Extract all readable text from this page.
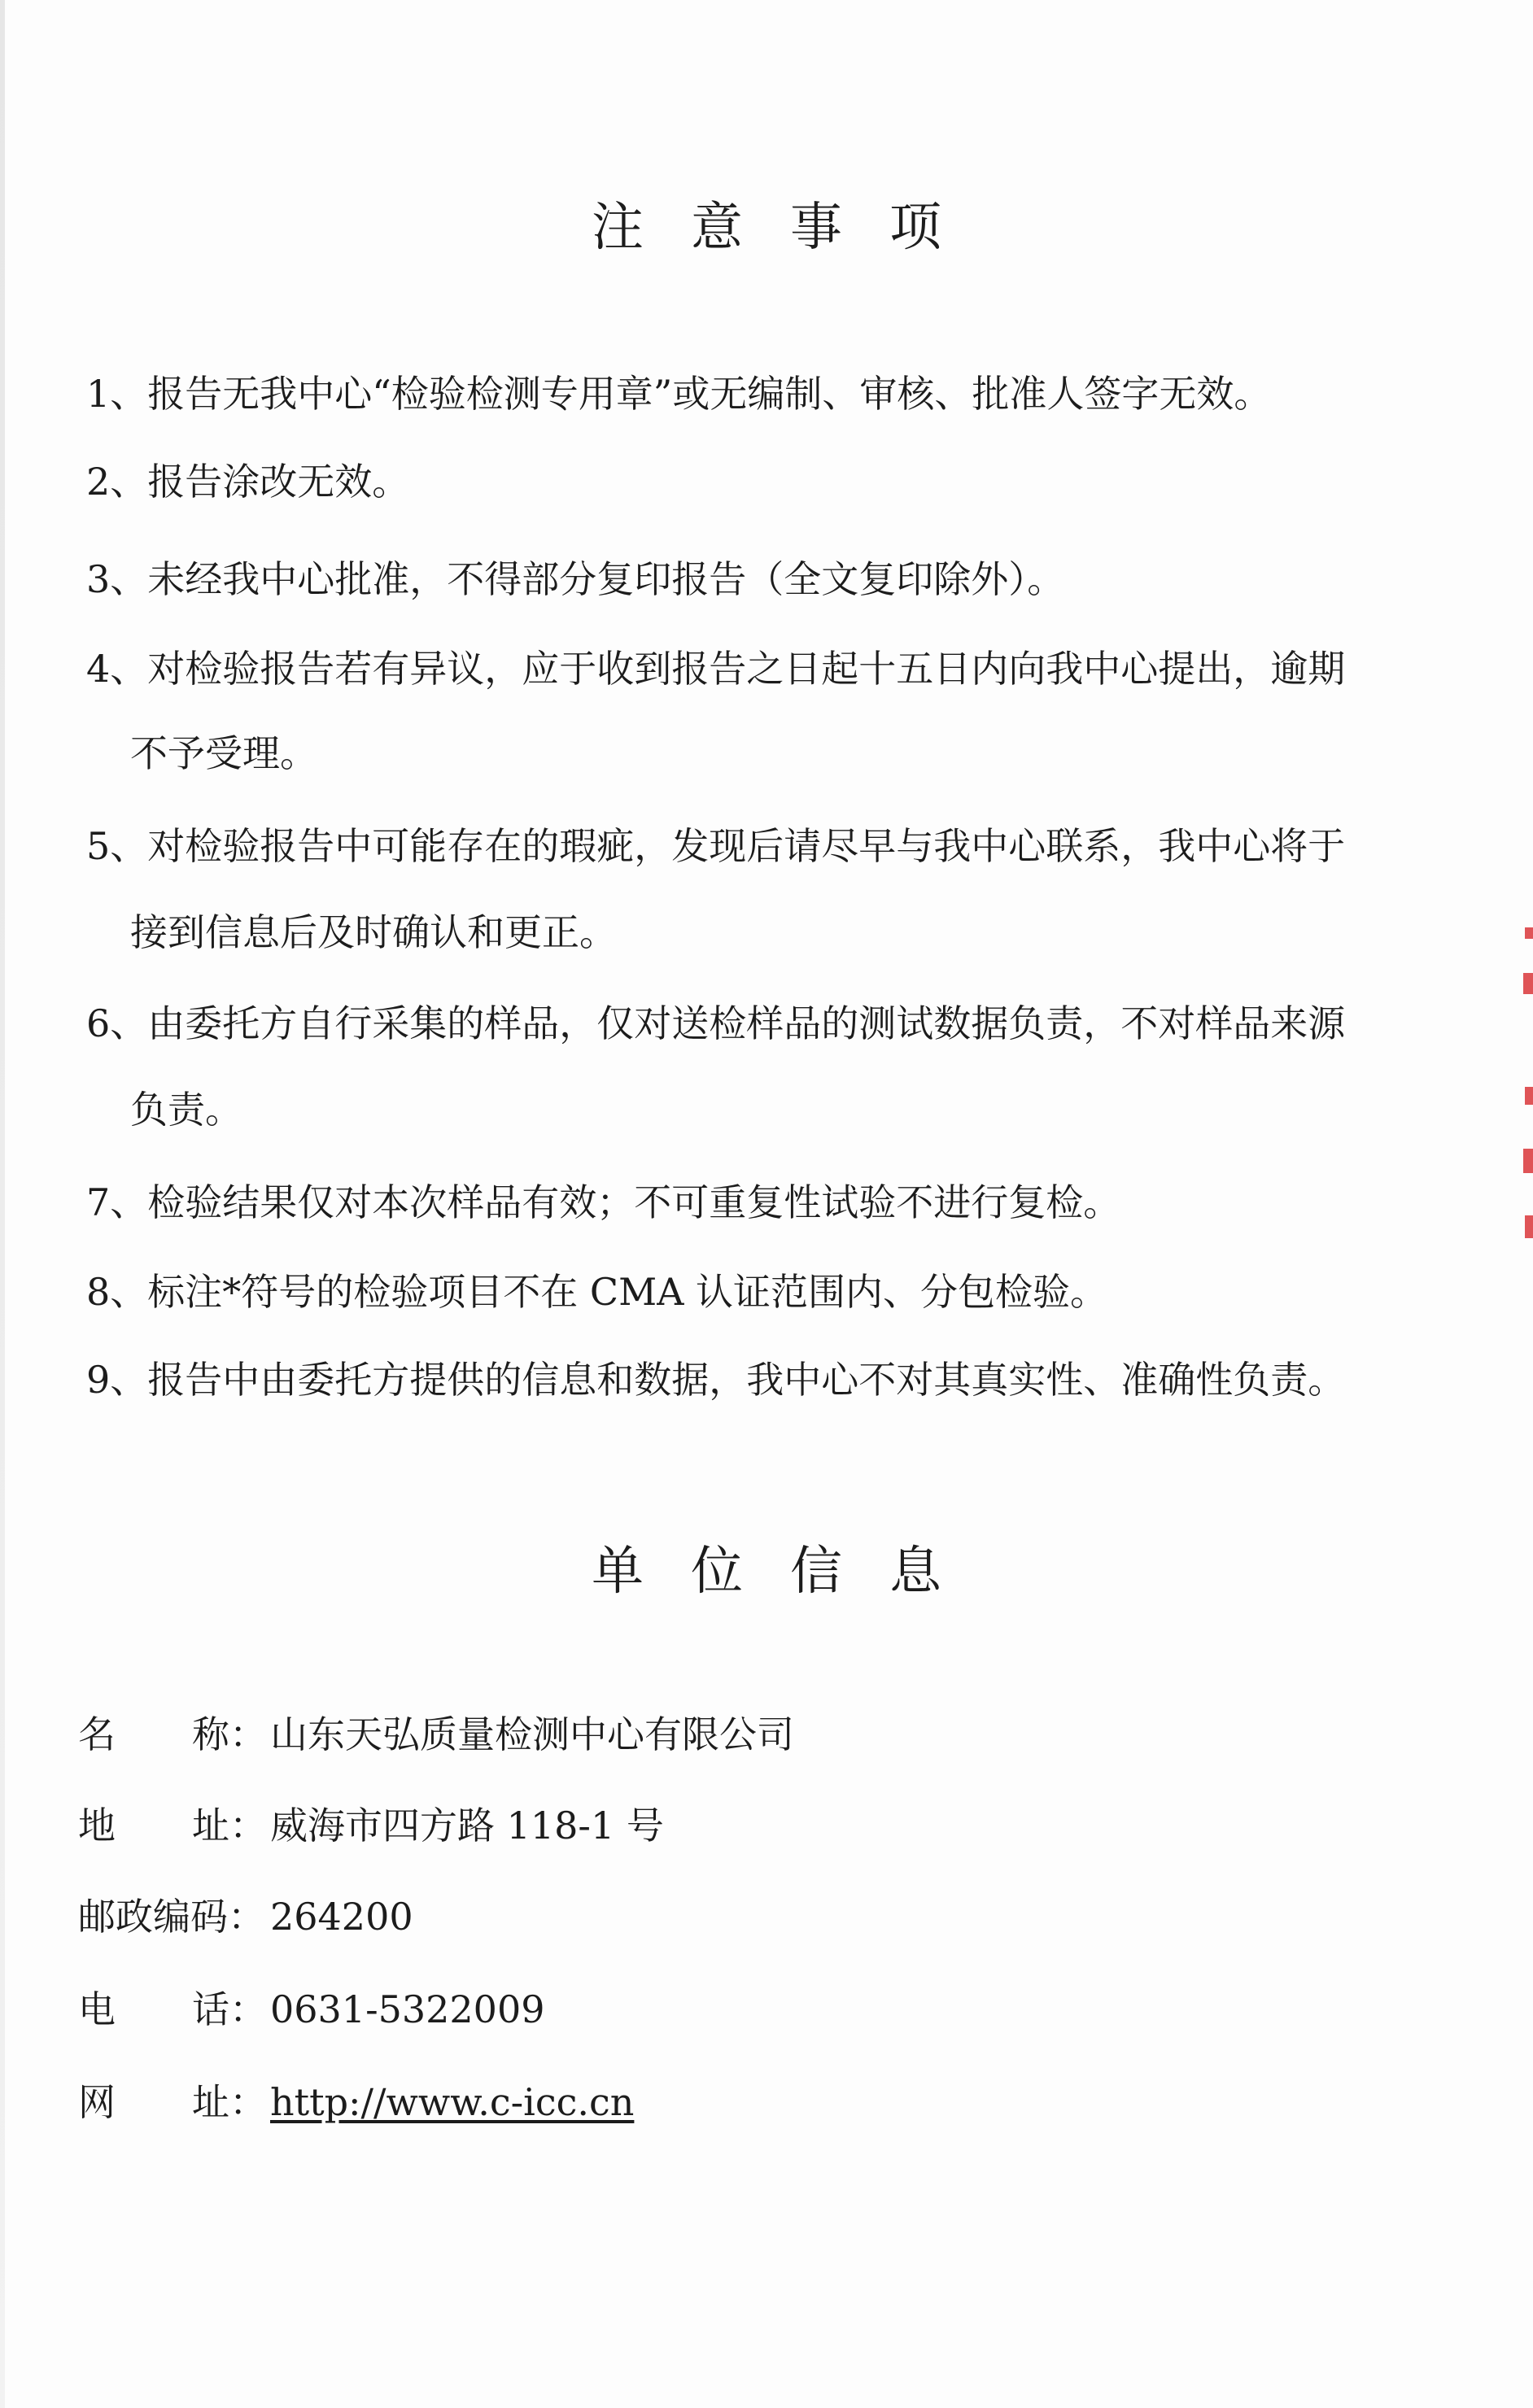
注意事项
1、报告无我中心“检验检测专用章”或无编制、审核、批准人签字无效。
2、报告涂改无效。
3、未经我中心批准，不得部分复印报告（全文复印除外）。
4、对检验报告若有异议，应于收到报告之日起十五日内向我中心提出，逾期
不予受理。
5、对检验报告中可能存在的瑕疵，发现后请尽早与我中心联系，我中心将于
接到信息后及时确认和更正。
6、由委托方自行采集的样品，仅对送检样品的测试数据负责，不对样品来源
负责。
7、检验结果仅对本次样品有效；不可重复性试验不进行复检。
8、标注*符号的检验项目不在 CMA 认证范围内、分包检验。
9、报告中由委托方提供的信息和数据，我中心不对其真实性、准确性负责。
单位信息
名 称：山东天弘质量检测中心有限公司
地 址：威海市四方路 118-1 号
邮政编码： 264200
电 话：0631-5322009
网 址：http://www.c-icc.cn
